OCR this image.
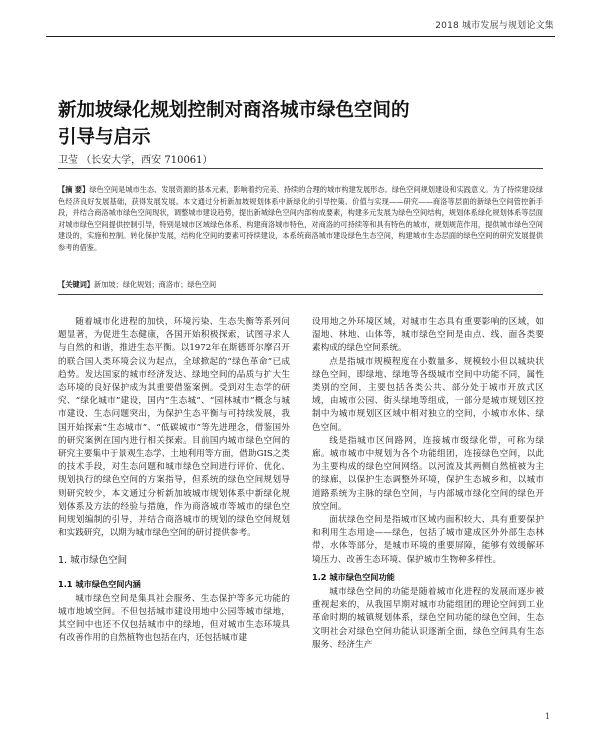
2018 城市发展与规划论文集
新加坡绿化规划控制对商洛城市绿色空间的
引导与启示
卫莹 （长安大学，西安 710061）
【摘 要】绿色空间是城市生态、发展资源的基本元素，影响着约完美、持续的合理的城市构建发展形态。绿色空间规划建设和实践意义。为了持续建设绿色经济良好发展基础，获得发展发展。本文通过分析新加坡规划体系中新绿化的引导控策、价值与实现——研究——商洛等层面的新绿色空间管控新手段，并结合商洛城市绿色空间现状，调整城市建设趋势，提出新城绿色空间内部构成要素，构建多元发展为绿色空间结构，规划体系绿化规划体系等层面对城市绿色空间提供控制引导，特别是城市区域绿色体系、构建商洛城市特色，对商洛的可持续等和具有特色的城市，规划规范作用，提供城市绿色空间建设的，实施和控制。转化保护发展，结构化空间的要素可持续建设，本系统商洛城市建设绿色生态空间，构建城市生态层面的绿色空间的研究发展提供参考的借鉴。
【关键词】新加坡；绿化规划；商洛市；绿色空间

随着城市化进程的加快，环境污染、生态失衡等系列问题显著，为促进生态健康，各国开始积极探索，试图寻求人与自然的和谐，推进生态平衡。以1972年在斯德哥尔摩召开的联合国人类环境会议为起点，全球掀起的“绿色革命”已成趋势。发达国家的城市经济发达、绿地空间的品质与扩大生态环境的良好保护成为其重要借鉴案例。受到对生态学的研究、“绿化城市”建设，国内“生态城”、“园林城市”概念与城市建设、生态问题突出，为保护生态平衡与可持续发展，我国开始探索“生态城市”、“低碳城市”等先进理念，借鉴国外的研究案例在国内进行相关探索。目前国内城市绿色空间的研究主要集中于景观生态学、土地利用等方面，借助GIS之类的技术手段，对生态问题和城市绿色空间进行评价、优化、规划执行的绿色空间的方案指导，但系统的绿色空间规划导则研究较少，本文通过分析新加坡城市规划体系中新绿化规划体系及方法的经验与措施，作为商洛城市等城市的绿色空间规划编制的引导，并结合商洛城市的规划的绿色空间规划和实践研究，以期为城市绿色空间的研讨提供参考。

1. 城市绿色空间
1.1 城市绿色空间内涵

城市绿色空间是集具社会服务、生态保护等多元功能的城市地域空间。不但包括城市建设用地中公园等城市绿地，其空间中也还不仅包括城市中的绿地，但对城市生态环境具有改善作用的自然植物也包括在内，还包括城市建

设用地之外环境区域，对城市生态具有重要影响的区域，如湿地、林地、山体等，城市绿色空间是由点、线、面各类要素构成的绿色空间系统。

点是指城市规模程度在小数量多、规模较小但以城块状绿色空间，即绿地、绿地等各级城市空间中功能不同，属性类别的空间，主要包括各类公共、部分处于城市开放式区域，由城市公园、街头绿地等组成，一部分是城市规划区控制中为城市规划区区域中相对独立的空间，小城市水体、绿色空间。

线是指城市区间路网，连接城市级绿化带，可称为绿廊。城市城市中规划为各个功能组团，连接绿色空间，以此为主要构成的绿色空间网络。以河流及其两侧自然植被为主的绿廊，以保护生态调整外环境，保护生态城乡和，以城市道路系统为主脉的绿色空间，与内部城市绿化空间的绿色开放空间。

面状绿色空间是指城市区域内面积较大、具有重要保护和利用生态用途——绿色，包括了城市建成区外外部生态林带、水体等部分，是城市环境的重要屏障，能够有效缓解环境压力、改善生态环境、保护城市生物种多样性。

1.2 城市绿色空间功能

城市绿色空间的功能是随着城市化进程的发展而逐步被重视起来的，从我国早期对城市功能组团的理论空间到工业革命时期的城镇规划体系，绿色空间功能的绿色空间，生态文明社会对绿色空间功能认识逐渐全面，绿色空间具有生态服务、经济生产

1
